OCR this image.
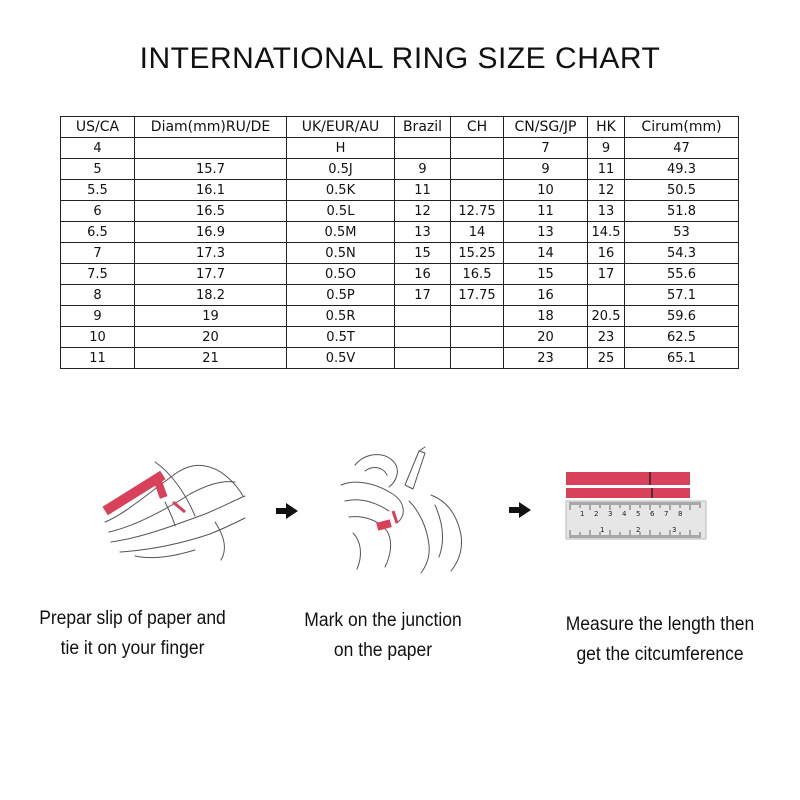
INTERNATIONAL RING SIZE CHART
US/CA	Diam(mm)RU/DE	UK/EUR/AU	Brazil	CH	CN/SG/JP	HK	Cirum(mm)
4		H			7	9	47
5	15.7	0.5J	9		9	11	49.3
5.5	16.1	0.5K	11		10	12	50.5
6	16.5	0.5L	12	12.75	11	13	51.8
6.5	16.9	0.5M	13	14	13	14.5	53
7	17.3	0.5N	15	15.25	14	16	54.3
7.5	17.7	0.5O	16	16.5	15	17	55.6
8	18.2	0.5P	17	17.75	16		57.1
9	19	0.5R			18	20.5	59.6
10	20	0.5T			20	23	62.5
11	21	0.5V			23	25	65.1
1 2 3 4 5 6 7 8
1	2	3
Prepar slip of paper and
tie it on your finger
Mark on the junction
on the paper
Measure the length then
get the citcumference
